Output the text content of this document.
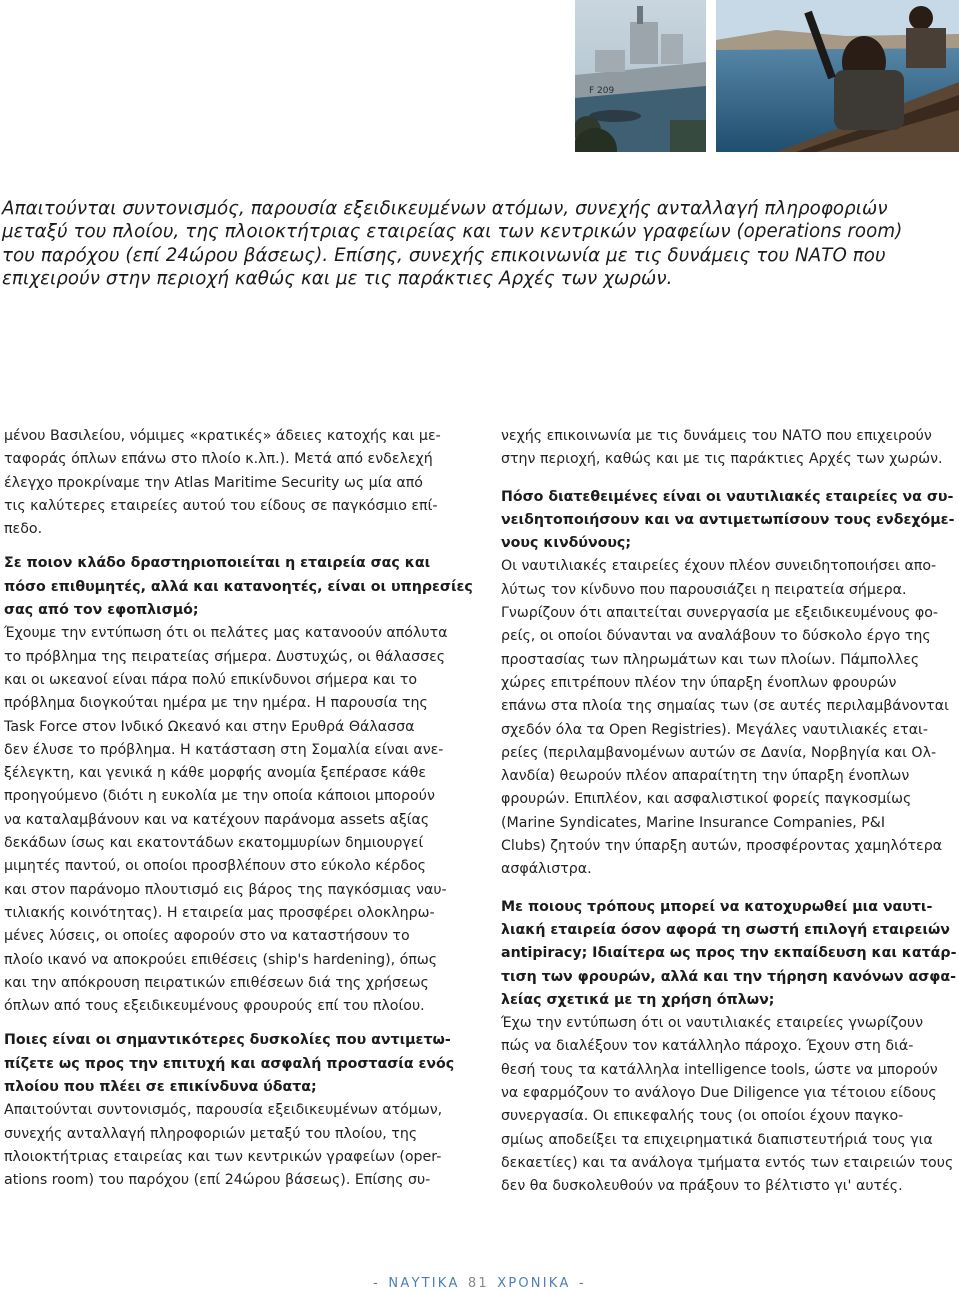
F 209
Απαιτούνται συντονισμός, παρουσία εξειδικευμένων ατόμων, συνεχής ανταλλαγή πληροφοριών
μεταξύ του πλοίου, της πλοιοκτήτριας εταιρείας και των κεντρικών γραφείων (operations room)
του παρόχου (επί 24ώρου βάσεως). Επίσης, συνεχής επικοινωνία με τις δυνάμεις του ΝΑΤΟ που
επιχειρούν στην περιοχή καθώς και με τις παράκτιες Αρχές των χωρών.
μένου Βασιλείου, νόμιμες «κρατικές» άδειες κατοχής και με-
ταφοράς όπλων επάνω στο πλοίο κ.λπ.). Μετά από ενδελεχή
έλεγχο προκρίναμε την Atlas Maritime Security ως μία από
τις καλύτερες εταιρείες αυτού του είδους σε παγκόσμιο επί-
πεδο.
Σε ποιον κλάδο δραστηριοποιείται η εταιρεία σας και
πόσο επιθυμητές, αλλά και κατανοητές, είναι οι υπηρεσίες
σας από τον εφοπλισμό;
Έχουμε την εντύπωση ότι οι πελάτες μας κατανοούν απόλυτα
το πρόβλημα της πειρατείας σήμερα. Δυστυχώς, οι θάλασσες
και οι ωκεανοί είναι πάρα πολύ επικίνδυνοι σήμερα και το
πρόβλημα διογκούται ημέρα με την ημέρα. Η παρουσία της
Task Force στον Ινδικό Ωκεανό και στην Ερυθρά Θάλασσα
δεν έλυσε το πρόβλημα. Η κατάσταση στη Σομαλία είναι ανε-
ξέλεγκτη, και γενικά η κάθε μορφής ανομία ξεπέρασε κάθε
προηγούμενο (διότι η ευκολία με την οποία κάποιοι μπορούν
να καταλαμβάνουν και να κατέχουν παράνομα assets αξίας
δεκάδων ίσως και εκατοντάδων εκατομμυρίων δημιουργεί
μιμητές παντού, οι οποίοι προσβλέπουν στο εύκολο κέρδος
και στον παράνομο πλουτισμό εις βάρος της παγκόσμιας ναυ-
τιλιακής κοινότητας). Η εταιρεία μας προσφέρει ολοκληρω-
μένες λύσεις, οι οποίες αφορούν στο να καταστήσουν το
πλοίο ικανό να αποκρούει επιθέσεις (ship's hardening), όπως
και την απόκρουση πειρατικών επιθέσεων διά της χρήσεως
όπλων από τους εξειδικευμένους φρουρούς επί του πλοίου.
Ποιες είναι οι σημαντικότερες δυσκολίες που αντιμετω-
πίζετε ως προς την επιτυχή και ασφαλή προστασία ενός
πλοίου που πλέει σε επικίνδυνα ύδατα;
Απαιτούνται συντονισμός, παρουσία εξειδικευμένων ατόμων,
συνεχής ανταλλαγή πληροφοριών μεταξύ του πλοίου, της
πλοιοκτήτριας εταιρείας και των κεντρικών γραφείων (oper-
ations room) του παρόχου (επί 24ώρου βάσεως). Επίσης συ-
νεχής επικοινωνία με τις δυνάμεις του ΝΑΤΟ που επιχειρούν
στην περιοχή, καθώς και με τις παράκτιες Αρχές των χωρών.
Πόσο διατεθειμένες είναι οι ναυτιλιακές εταιρείες να συ-
νειδητοποιήσουν και να αντιμετωπίσουν τους ενδεχόμε-
νους κινδύνους;
Οι ναυτιλιακές εταιρείες έχουν πλέον συνειδητοποιήσει απο-
λύτως τον κίνδυνο που παρουσιάζει η πειρατεία σήμερα.
Γνωρίζουν ότι απαιτείται συνεργασία με εξειδικευμένους φο-
ρείς, οι οποίοι δύνανται να αναλάβουν το δύσκολο έργο της
προστασίας των πληρωμάτων και των πλοίων. Πάμπολλες
χώρες επιτρέπουν πλέον την ύπαρξη ένοπλων φρουρών
επάνω στα πλοία της σημαίας των (σε αυτές περιλαμβάνονται
σχεδόν όλα τα Open Registries). Μεγάλες ναυτιλιακές εται-
ρείες (περιλαμβανομένων αυτών σε Δανία, Νορβηγία και Ολ-
λανδία) θεωρούν πλέον απαραίτητη την ύπαρξη ένοπλων
φρουρών. Επιπλέον, και ασφαλιστικοί φορείς παγκοσμίως
(Marine Syndicates, Marine Insurance Companies, P&I
Clubs) ζητούν την ύπαρξη αυτών, προσφέροντας χαμηλότερα
ασφάλιστρα.
Με ποιους τρόπους μπορεί να κατοχυρωθεί μια ναυτι-
λιακή εταιρεία όσον αφορά τη σωστή επιλογή εταιρειών
antipiracy; Ιδιαίτερα ως προς την εκπαίδευση και κατάρ-
τιση των φρουρών, αλλά και την τήρηση κανόνων ασφα-
λείας σχετικά με τη χρήση όπλων;
Έχω την εντύπωση ότι οι ναυτιλιακές εταιρείες γνωρίζουν
πώς να διαλέξουν τον κατάλληλο πάροχο. Έχουν στη διά-
θεσή τους τα κατάλληλα intelligence tools, ώστε να μπορούν
να εφαρμόζουν το ανάλογο Due Diligence για τέτοιου είδους
συνεργασία. Οι επικεφαλής τους (οι οποίοι έχουν παγκο-
σμίως αποδείξει τα επιχειρηματικά διαπιστευτήριά τους για
δεκαετίες) και τα ανάλογα τμήματα εντός των εταιρειών τους
δεν θα δυσκολευθούν να πράξουν το βέλτιστο γι' αυτές.
- ΝΑΥΤΙΚΑ 81 ΧΡΟΝΙΚΑ -
